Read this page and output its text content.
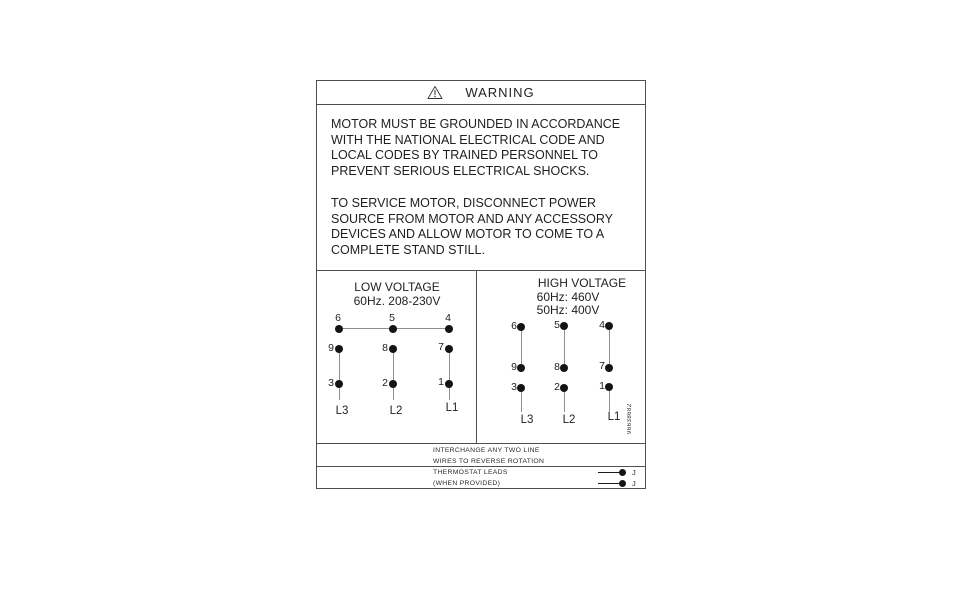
WARNING
MOTOR MUST BE GROUNDED IN ACCORDANCE
WITH THE NATIONAL ELECTRICAL CODE AND
LOCAL CODES BY TRAINED PERSONNEL TO
PREVENT SERIOUS ELECTRICAL SHOCKS.
TO SERVICE MOTOR, DISCONNECT POWER
SOURCE FROM MOTOR AND ANY ACCESSORY
DEVICES AND ALLOW MOTOR TO COME TO A
COMPLETE STAND STILL.
LOW VOLTAGE
60Hz. 208-230V
6	5	4
9	8	7
3	2	1
L3	L2	L1
HIGH VOLTAGE
60Hz: 460V
50Hz: 400V
6	5	4
9	8	7
3	2	1
L3	L2	L1	96638682
INTERCHANGE ANY TWO LINE
WIRES TO REVERSE ROTATION
THERMOSTAT LEADS
(WHEN PROVIDED)
J
J
